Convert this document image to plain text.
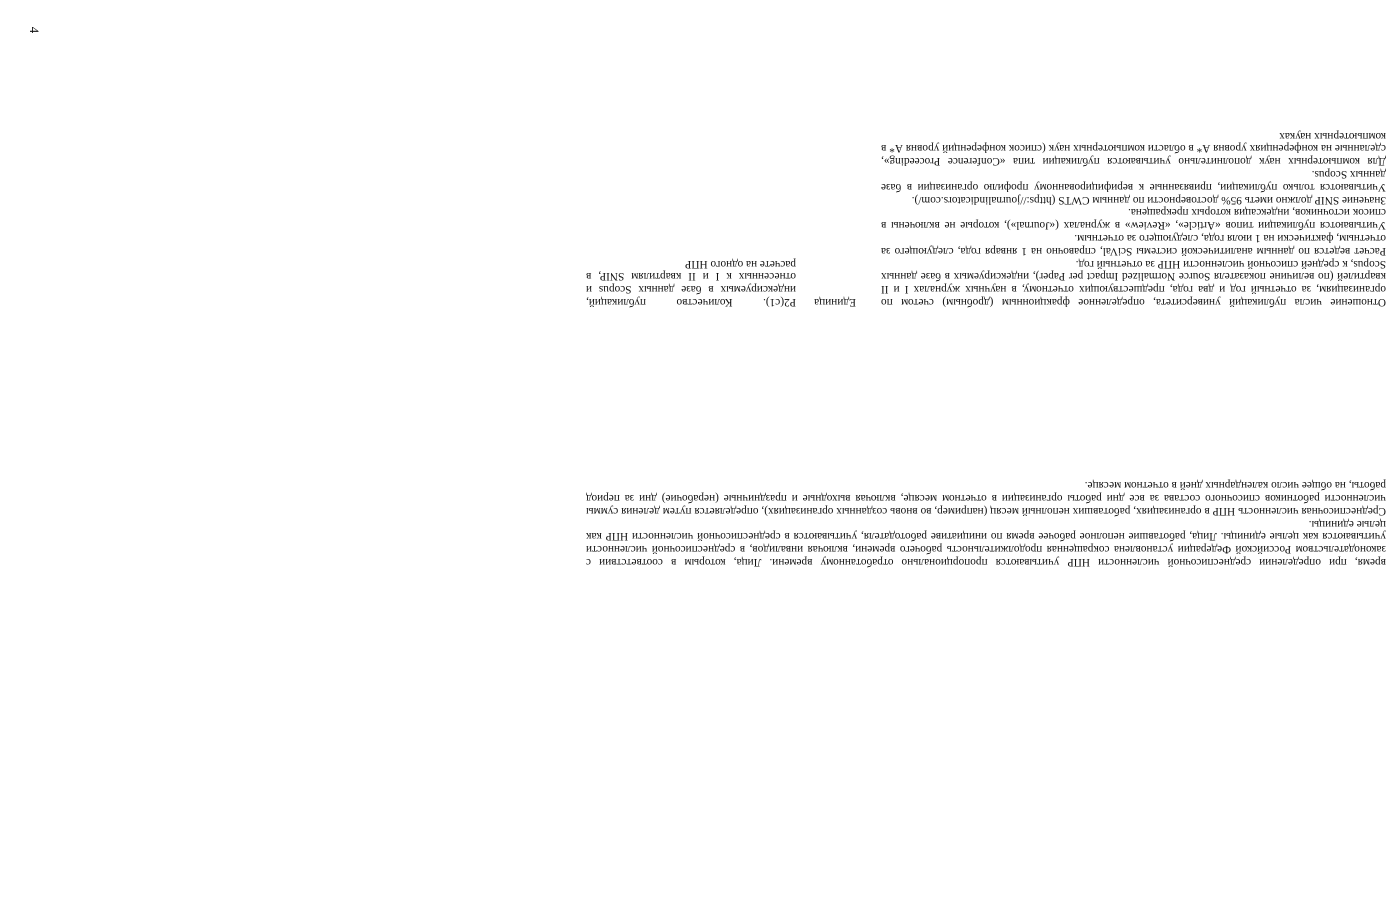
4

время, при определении среднесписочной численности НПР учитываются пропорционально отработанному времени. Лица, которым в соответствии с законодательством Российской Федерации установлена сокращенная продолжительность рабочего времени, включая инвалидов, в среднесписочной численности учитываются как целые единицы. Лица, работавшие неполное рабочее время по инициативе работодателя, учитываются в среднесписочной численности НПР как целые единицы.

Среднесписочная численность НПР в организациях, работавших неполный месяц (например, во вновь созданных организациях), определяется путем деления суммы численности работников списочного состава за все дни работы организации в отчетном месяце, включая выходные и праздничные (нерабочие) дни за период работы, на общее число календарных дней в отчетном месяце.

P2(c1). Количество публикаций, индексируемых в базе данных Scopus и отнесенных к I и II квартилям SNIP, в расчете на одного НПР

Единица Отношение числа публикаций университета, определенное фракционным (дробным) счетом по организациям, за отчетный год и два года, предшествующих отчетному, в научных журналах I и II квартилей (по величине показателя Source Normalized Impact per Paper), индексируемых в базе данных Scopus, к средней списочной численности НПР за отчетный год.

Расчет ведется по данным аналитической системы SciVal, справочно на 1 января года, следующего за отчетным, фактически на 1 июля года, следующего за отчетным.

Учитываются публикации типов «Article», «Review» в журналах («Journal»), которые не включены в список источников, индексация которых прекращена.

Значение SNIP должно иметь 95% достоверности по данным CWTS (https://journalindicators.com/).

Учитываются только публикации, привязанные к верифицированному профилю организации в базе данных Scopus.

Для компьютерных наук дополнительно учитываются публикации типа «Conference Proceeding», сделанные на конференциях уровня A* в области компьютерных наук (список конференций уровня A* в компьютерных науках
